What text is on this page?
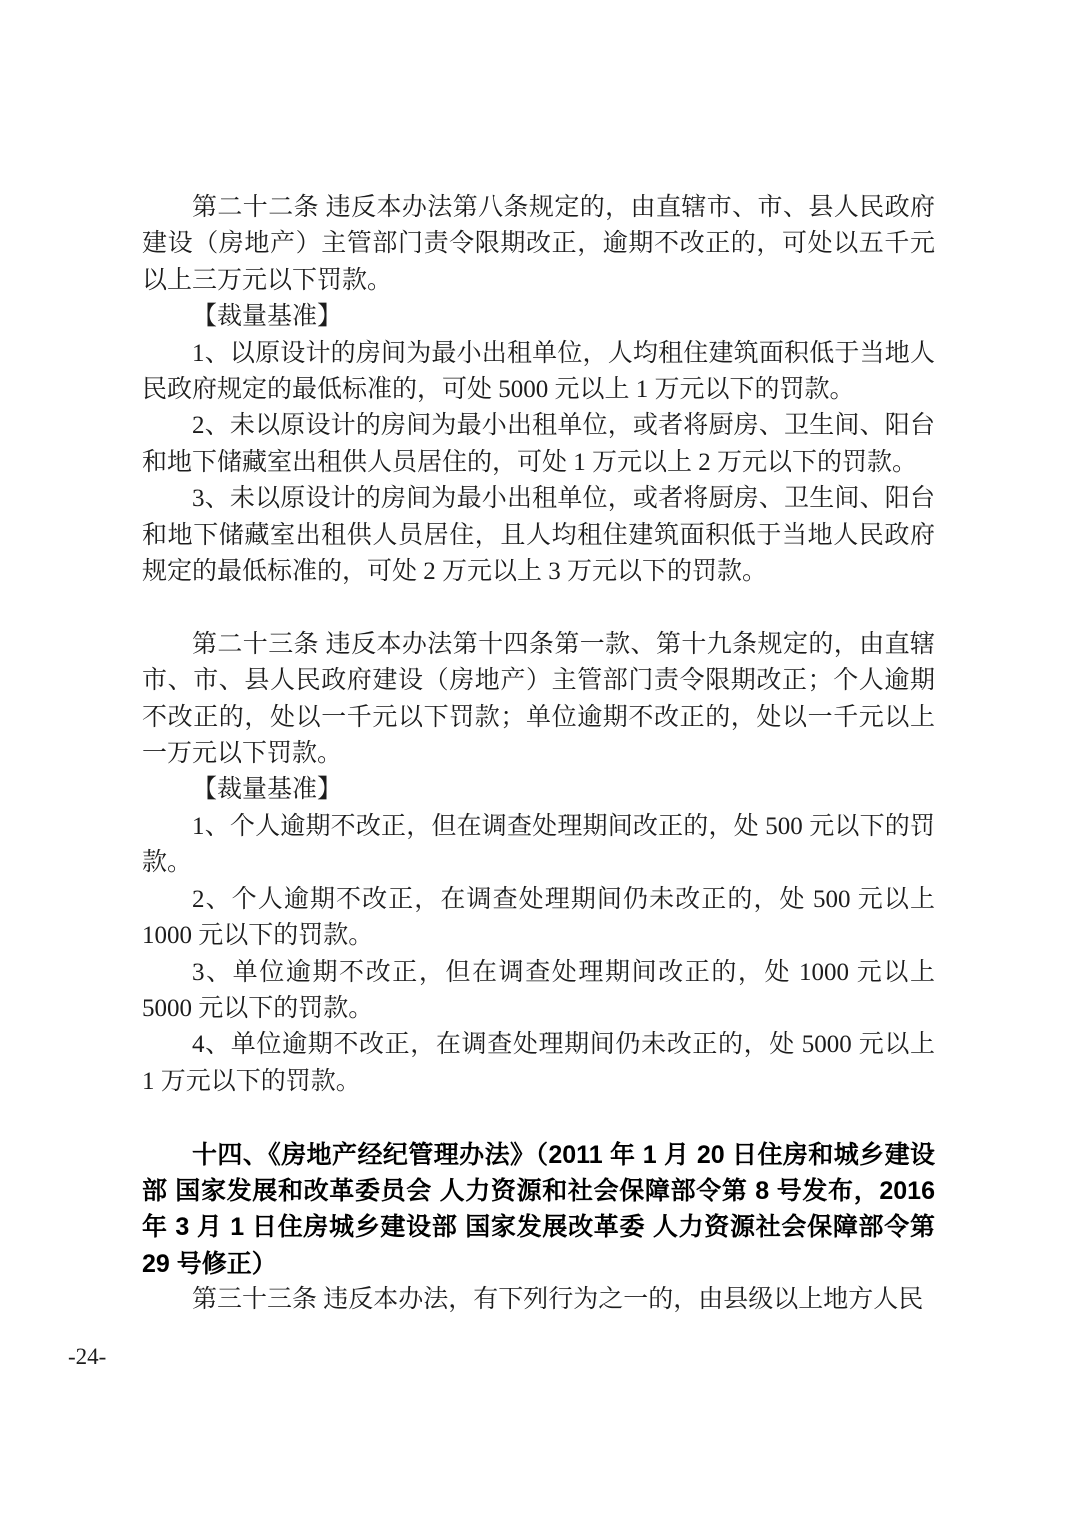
第二十二条 违反本办法第八条规定的，由直辖市、市、县人民政府建设（房地产）主管部门责令限期改正，逾期不改正的，可处以五千元以上三万元以下罚款。

【裁量基准】

1、以原设计的房间为最小出租单位，人均租住建筑面积低于当地人民政府规定的最低标准的，可处 5000 元以上 1 万元以下的罚款。

2、未以原设计的房间为最小出租单位，或者将厨房、卫生间、阳台和地下储藏室出租供人员居住的，可处 1 万元以上 2 万元以下的罚款。

3、未以原设计的房间为最小出租单位，或者将厨房、卫生间、阳台和地下储藏室出租供人员居住，且人均租住建筑面积低于当地人民政府规定的最低标准的，可处 2 万元以上 3 万元以下的罚款。

第二十三条 违反本办法第十四条第一款、第十九条规定的，由直辖市、市、县人民政府建设（房地产）主管部门责令限期改正；个人逾期不改正的，处以一千元以下罚款；单位逾期不改正的，处以一千元以上一万元以下罚款。

【裁量基准】

1、个人逾期不改正，但在调查处理期间改正的，处 500 元以下的罚款。

2、个人逾期不改正，在调查处理期间仍未改正的，处 500 元以上 1000 元以下的罚款。

3、单位逾期不改正，但在调查处理期间改正的，处 1000 元以上 5000 元以下的罚款。

4、单位逾期不改正，在调查处理期间仍未改正的，处 5000 元以上 1 万元以下的罚款。

十四、《房地产经纪管理办法》（2011 年 1 月 20 日住房和城乡建设部 国家发展和改革委员会 人力资源和社会保障部令第 8 号发布，2016 年 3 月 1 日住房城乡建设部 国家发展改革委 人力资源社会保障部令第 29 号修正）

第三十三条 违反本办法，有下列行为之一的，由县级以上地方人民

-24-
